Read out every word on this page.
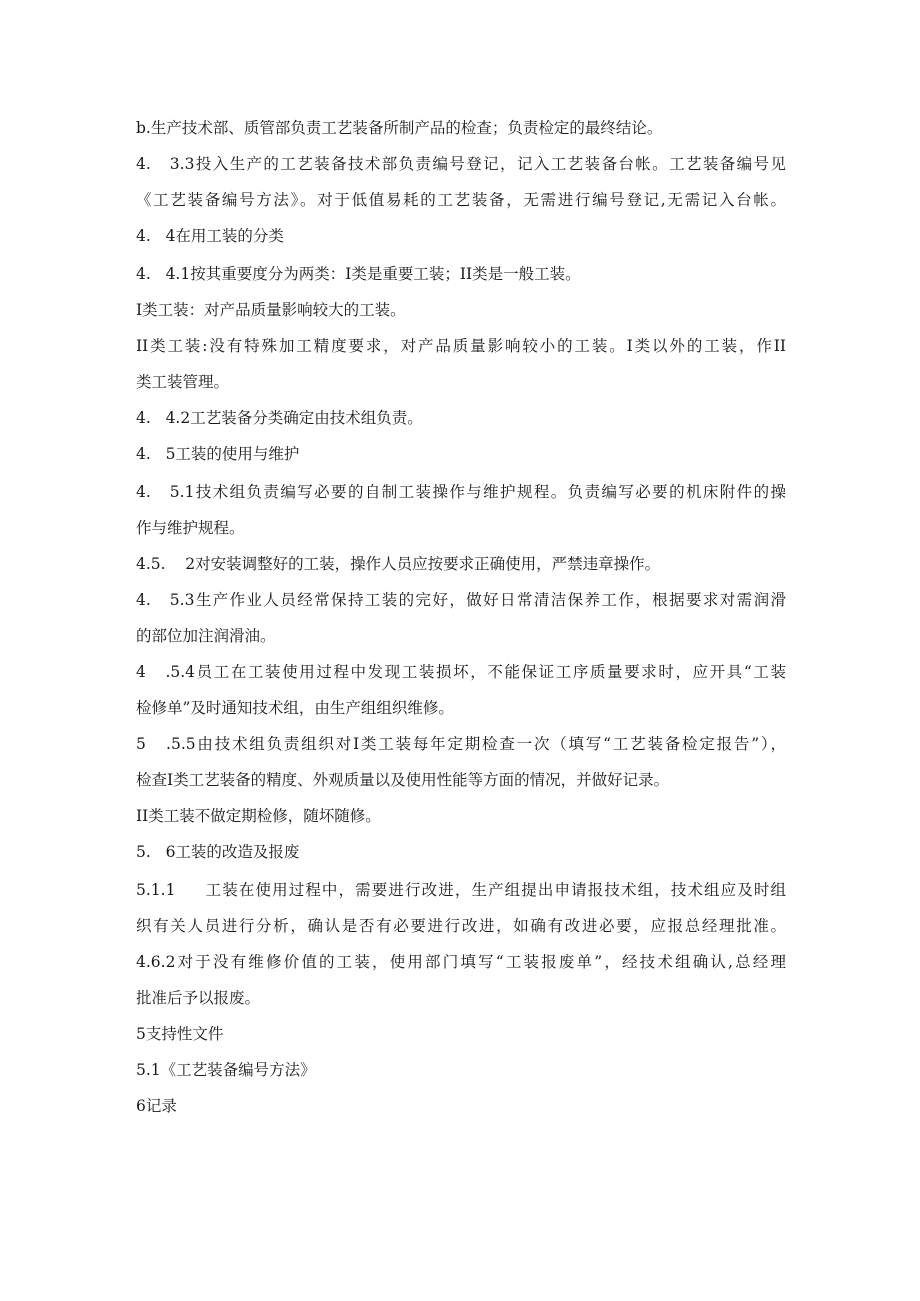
b.生产技术部、质管部负责工艺装备所制产品的检查；负责检定的最终结论。
4.   3.3投入生产的工艺装备技术部负责编号登记，记入工艺装备台帐。工艺装备编号见
《工艺装备编号方法》。对于低值易耗的工艺装备，无需进行编号登记,无需记入台帐。
4.   4在用工装的分类
4.   4.1按其重要度分为两类：I类是重要工装；II类是一般工装。
I类工装：对产品质量影响较大的工装。
II类工装:没有特殊加工精度要求，对产品质量影响较小的工装。I类以外的工装，作II
类工装管理。
4.   4.2工艺装备分类确定由技术组负责。
4.   5工装的使用与维护
4.   5.1技术组负责编写必要的自制工装操作与维护规程。负责编写必要的机床附件的操
作与维护规程。
4.5.    2对安装调整好的工装，操作人员应按要求正确使用，严禁违章操作。
4.   5.3生产作业人员经常保持工装的完好，做好日常清洁保养工作，根据要求对需润滑
的部位加注润滑油。
4   .5.4员工在工装使用过程中发现工装损坏，不能保证工序质量要求时，应开具“工装
检修单”及时通知技术组，由生产组组织维修。
5   .5.5由技术组负责组织对I类工装每年定期检查一次（填写“工艺装备检定报告”），
检查I类工艺装备的精度、外观质量以及使用性能等方面的情况，并做好记录。
II类工装不做定期检修，随坏随修。
5.   6工装的改造及报废
5.1.1     工装在使用过程中，需要进行改进，生产组提出申请报技术组，技术组应及时组
织有关人员进行分析，确认是否有必要进行改进，如确有改进必要，应报总经理批准。
4.6.2对于没有维修价值的工装，使用部门填写“工装报废单”，经技术组确认,总经理
批准后予以报废。
5支持性文件
5.1《工艺装备编号方法》
6记录
